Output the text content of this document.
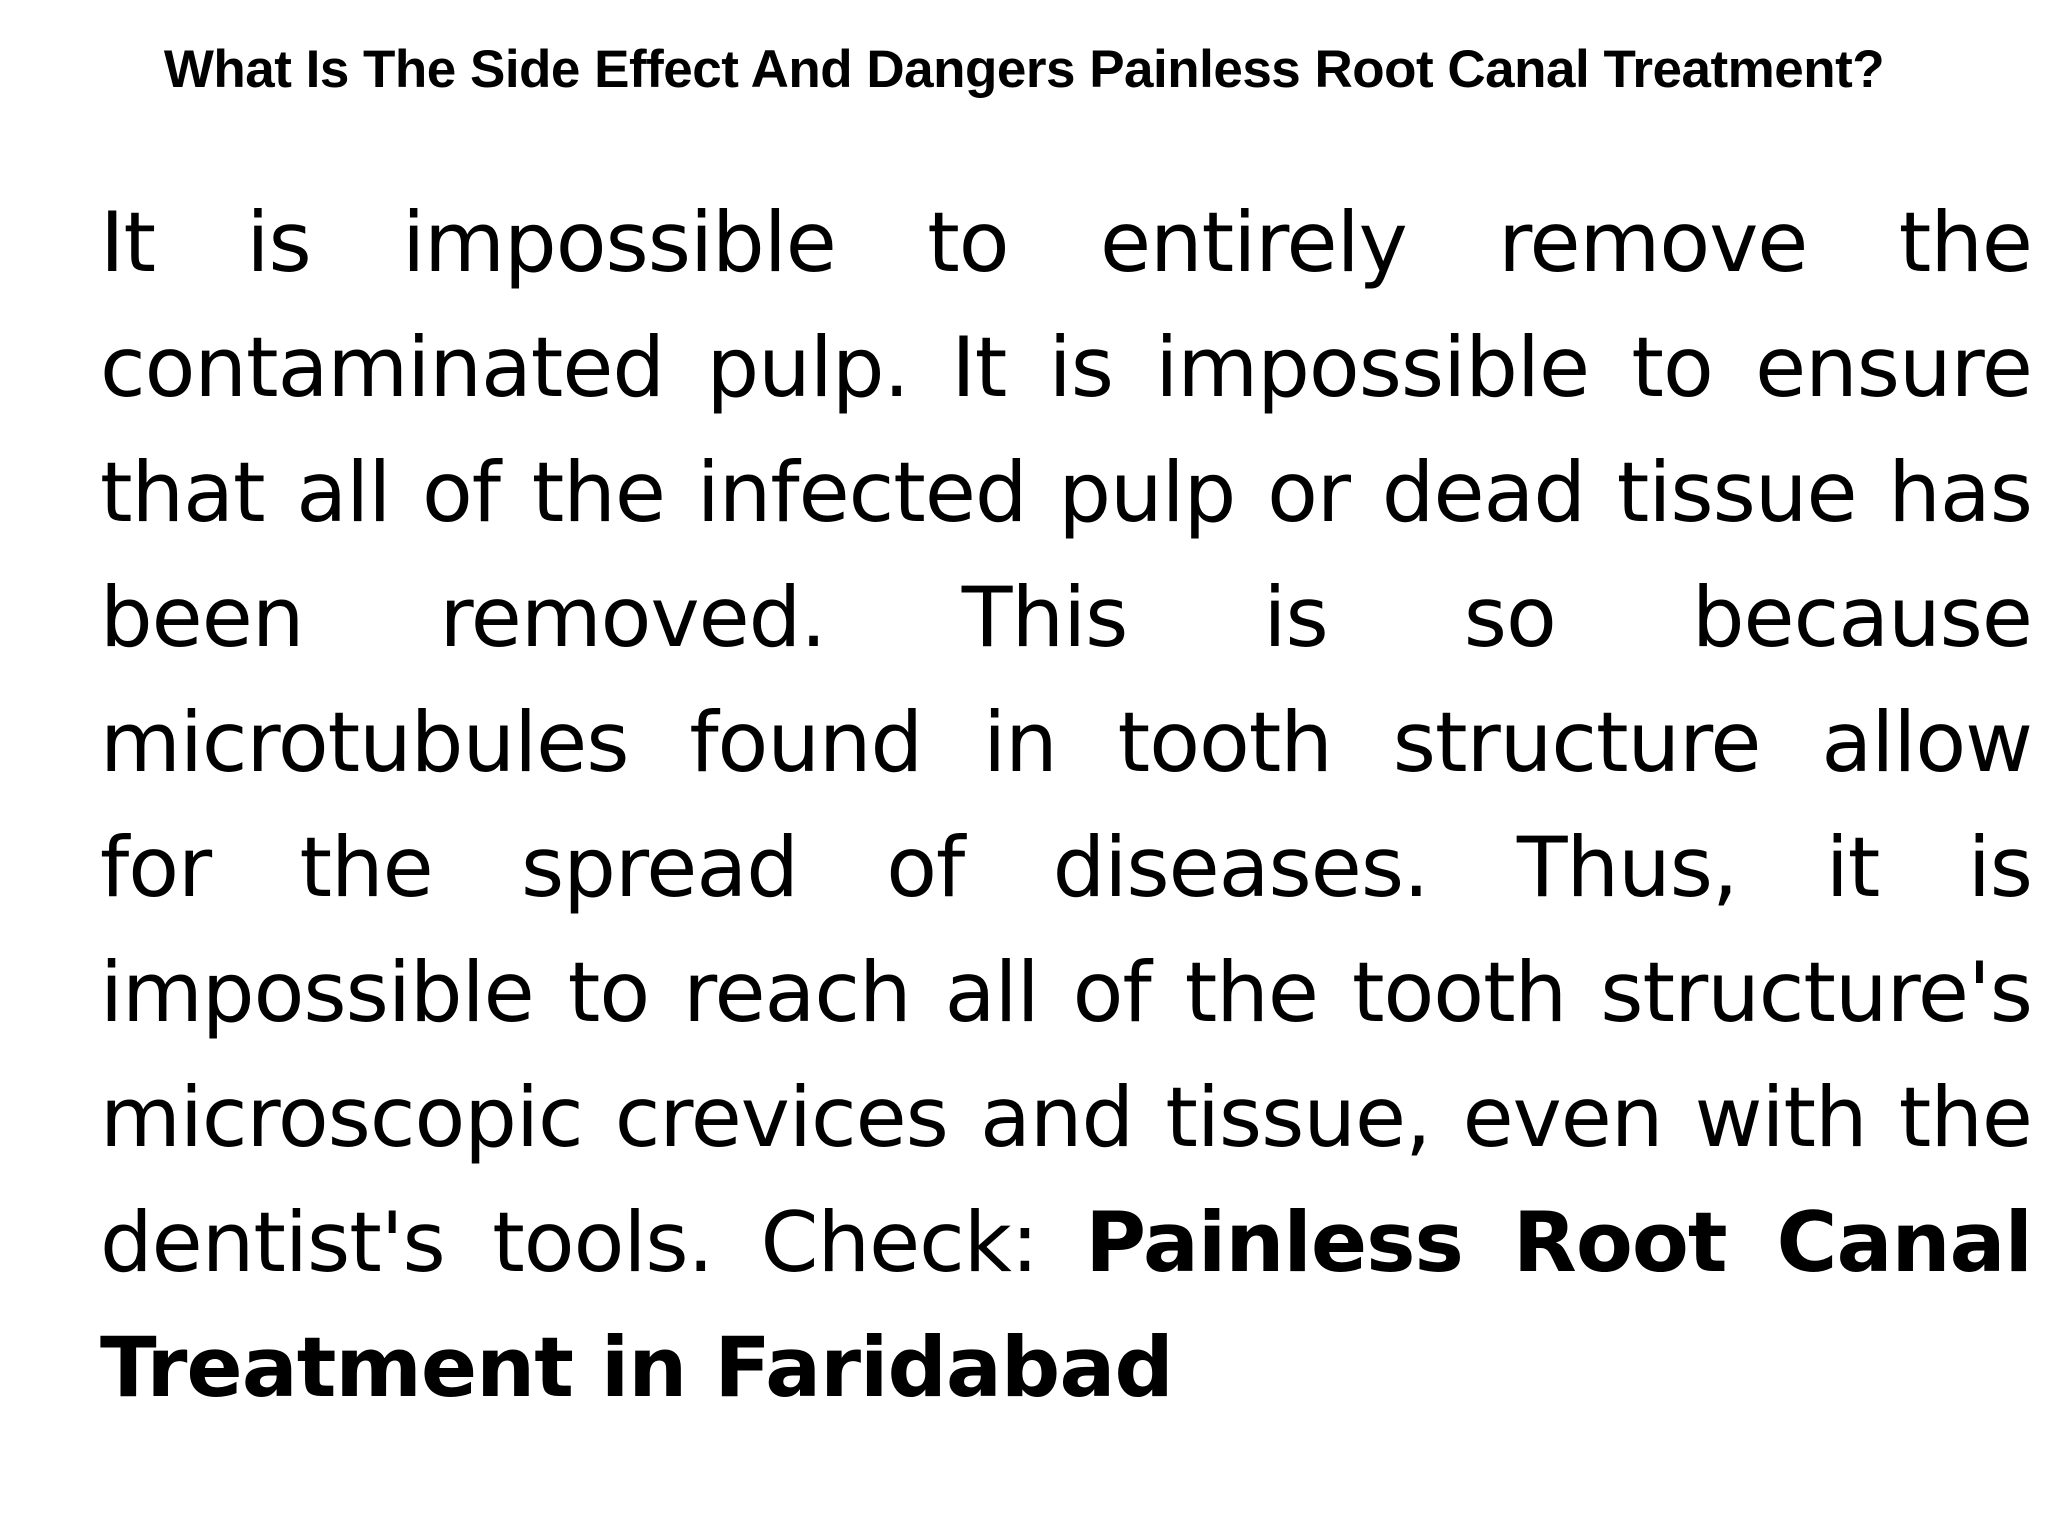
What Is The Side Effect And Dangers Painless Root Canal Treatment?
It is impossible to entirely remove the
contaminated pulp. It is impossible to ensure
that all of the infected pulp or dead tissue has
been removed. This is so because
microtubules found in tooth structure allow
for the spread of diseases. Thus, it is
impossible to reach all of the tooth structure's
microscopic crevices and tissue, even with the
dentist's tools. Check: Painless Root Canal
Treatment in Faridabad
